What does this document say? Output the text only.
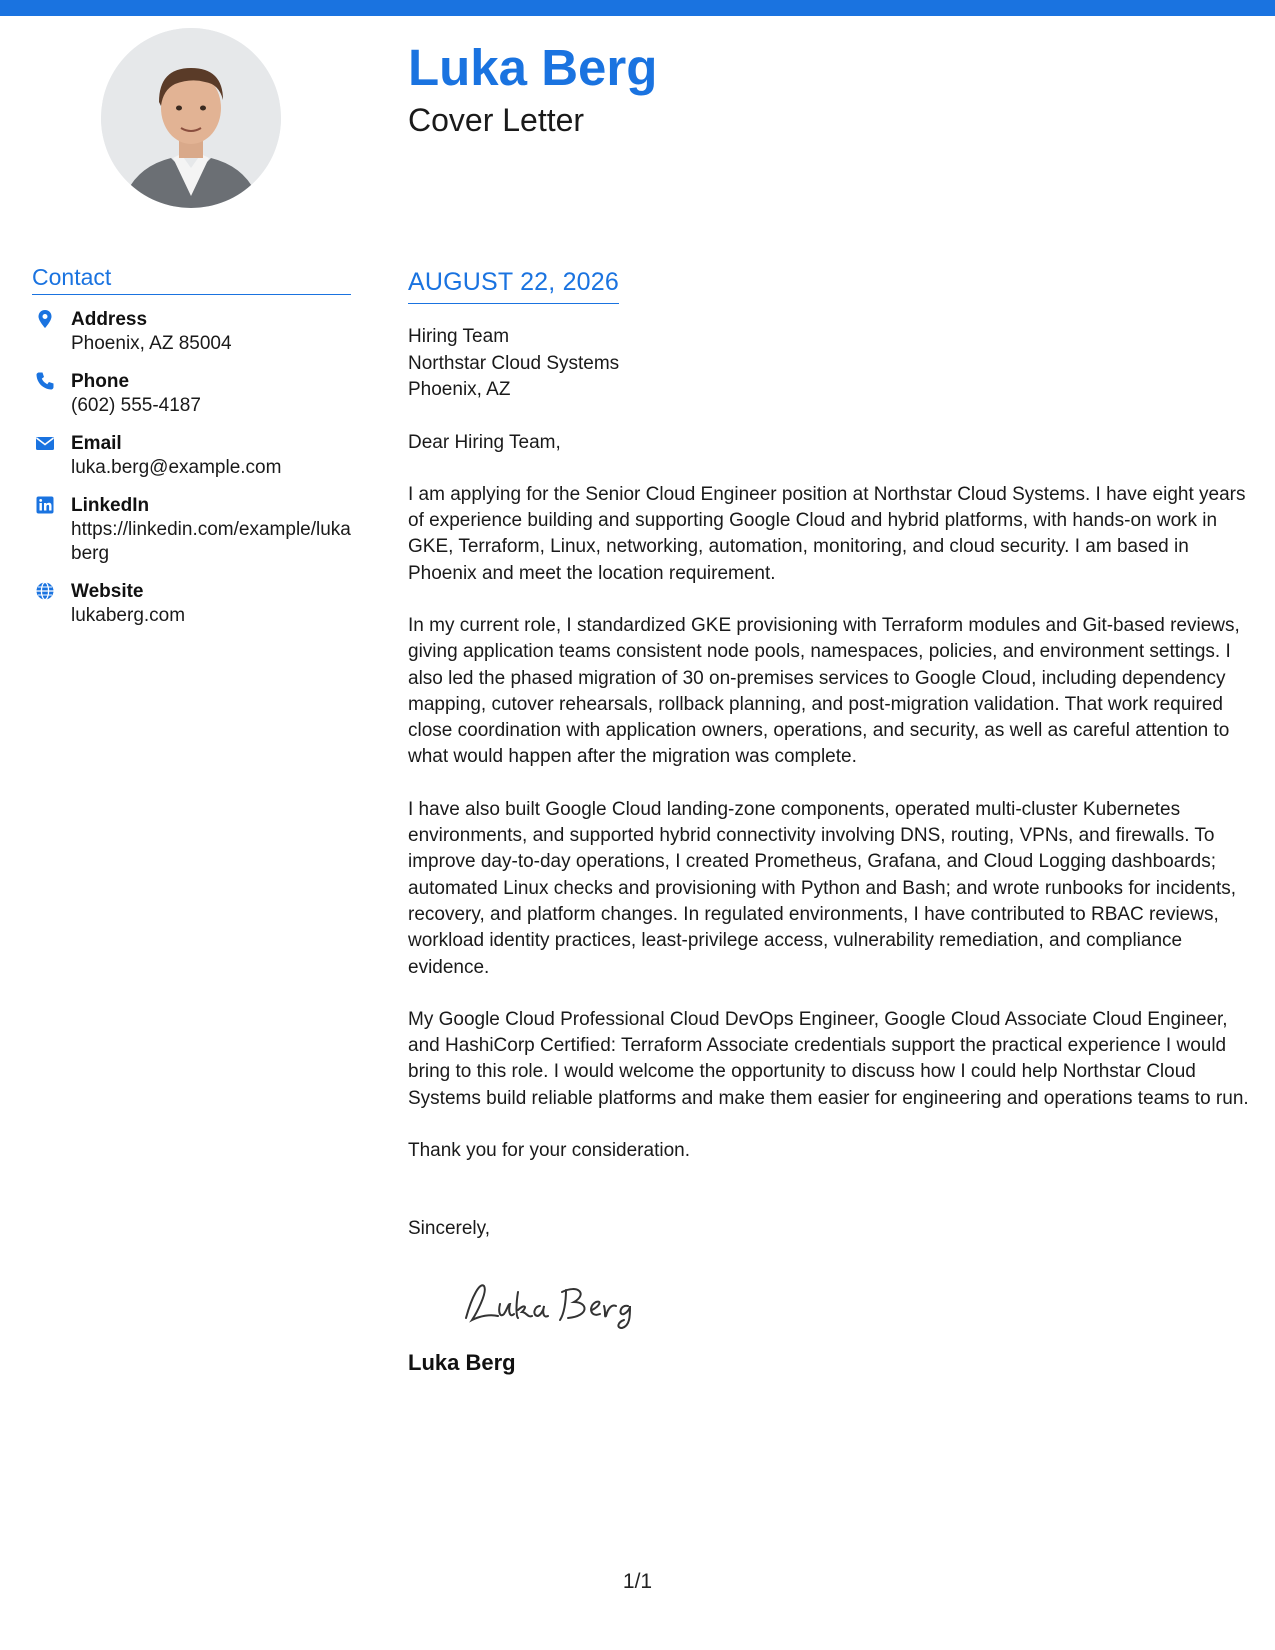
Luka Berg
Cover Letter
Contact
Address
Phoenix, AZ 85004
Phone
(602) 555-4187
Email
luka.berg@example.com
LinkedIn
https://linkedin.com/example/lukaberg
Website
lukaberg.com
AUGUST 22, 2026
Hiring Team
Northstar Cloud Systems
Phoenix, AZ

Dear Hiring Team,

I am applying for the Senior Cloud Engineer position at Northstar Cloud Systems. I have eight years of experience building and supporting Google Cloud and hybrid platforms, with hands-on work in GKE, Terraform, Linux, networking, automation, monitoring, and cloud security. I am based in Phoenix and meet the location requirement.

In my current role, I standardized GKE provisioning with Terraform modules and Git-based reviews, giving application teams consistent node pools, namespaces, policies, and environment settings. I also led the phased migration of 30 on-premises services to Google Cloud, including dependency mapping, cutover rehearsals, rollback planning, and post-migration validation. That work required close coordination with application owners, operations, and security, as well as careful attention to what would happen after the migration was complete.

I have also built Google Cloud landing-zone components, operated multi-cluster Kubernetes environments, and supported hybrid connectivity involving DNS, routing, VPNs, and firewalls. To improve day-to-day operations, I created Prometheus, Grafana, and Cloud Logging dashboards; automated Linux checks and provisioning with Python and Bash; and wrote runbooks for incidents, recovery, and platform changes. In regulated environments, I have contributed to RBAC reviews, workload identity practices, least-privilege access, vulnerability remediation, and compliance evidence.

My Google Cloud Professional Cloud DevOps Engineer, Google Cloud Associate Cloud Engineer, and HashiCorp Certified: Terraform Associate credentials support the practical experience I would bring to this role. I would welcome the opportunity to discuss how I could help Northstar Cloud Systems build reliable platforms and make them easier for engineering and operations teams to run.

Thank you for your consideration.

Sincerely,
Luka Berg
1/1
